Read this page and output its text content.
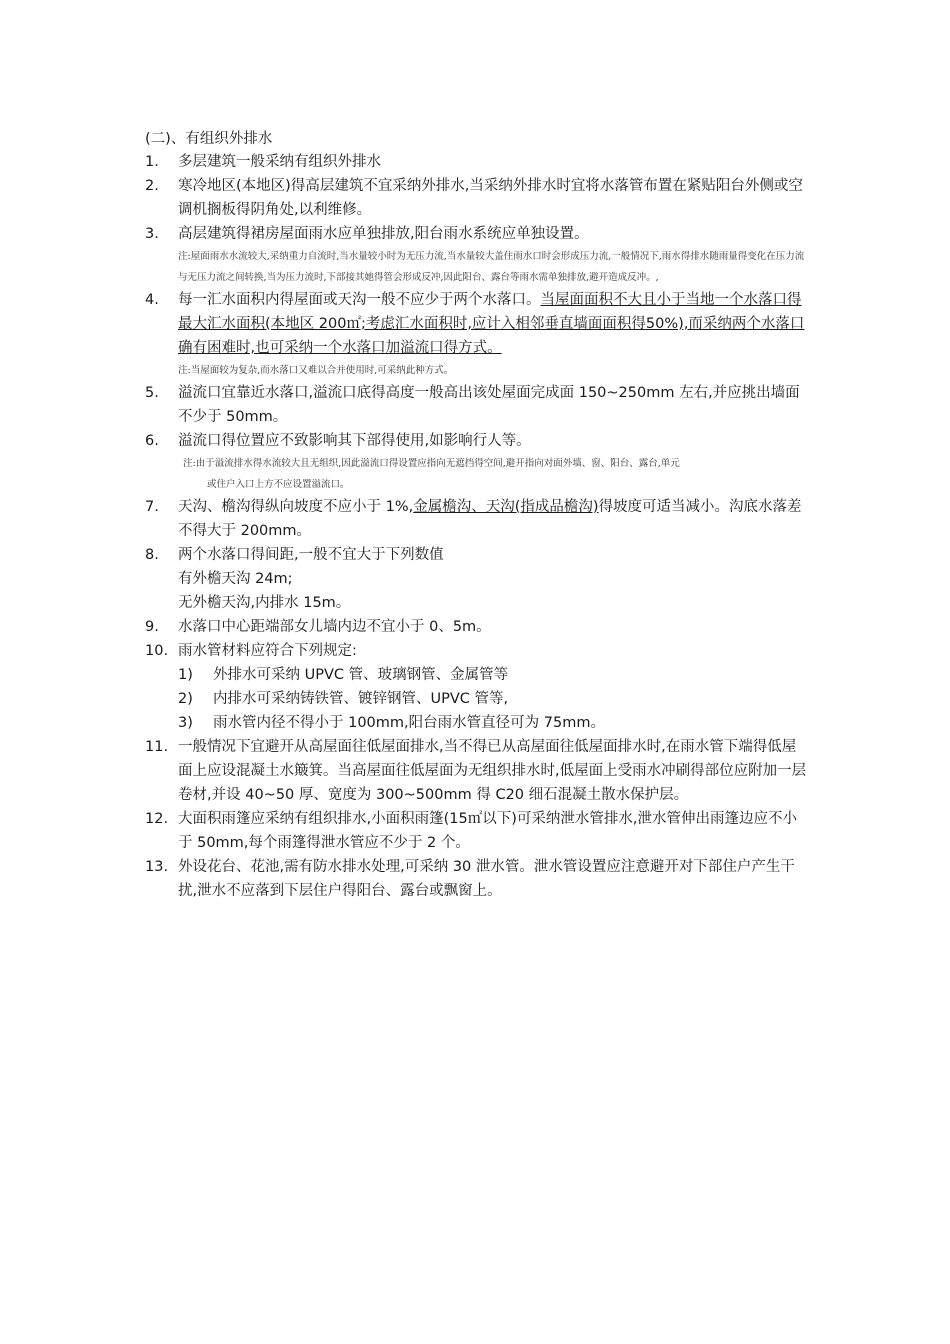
(二)、有组织外排水
1.	多层建筑一般采纳有组织外排水
2.	寒冷地区(本地区)得高层建筑不宜采纳外排水,当采纳外排水时宜将水落管布置在紧贴阳台外侧或空调机搁板得阴角处,以利维修。
3.	高层建筑得裙房屋面雨水应单独排放,阳台雨水系统应单独设置。
注:屋面雨水水流较大,采纳重力自流时,当水量较小时为无压力流,当水量较大盖住雨水口时会形成压力流,一般情况下,雨水得排水随雨量得变化在压力流与无压力流之间转换,当为压力流时,下部接其她得管会形成反冲,因此阳台、露台等雨水需单独排放,避开造成反冲。,
4.	每一汇水面积内得屋面或天沟一般不应少于两个水落口。当屋面面积不大且小于当地一个水落口得最大汇水面积(本地区 200㎡;考虑汇水面积时,应计入相邻垂直墙面面积得50%),而采纳两个水落口确有困难时,也可采纳一个水落口加溢流口得方式。
注:当屋面较为复杂,而水落口又难以合并使用时,可采纳此种方式。
5.	溢流口宜靠近水落口,溢流口底得高度一般高出该处屋面完成面 150~250mm 左右,并应挑出墙面不少于 50mm。
6.	溢流口得位置应不致影响其下部得使用,如影响行人等。
注:由于溢流排水得水流较大且无组织,因此溢流口得设置应指向无遮挡得空间,避开指向对面外墙、窗、阳台、露台,单元
或住户入口上方不应设置溢流口。
7.	天沟、檐沟得纵向坡度不应小于 1%,金属檐沟、天沟(指成品檐沟)得坡度可适当减小。沟底水落差不得大于 200mm。
8.	两个水落口得间距,一般不宜大于下列数值
有外檐天沟 24m;
无外檐天沟,内排水 15m。
9.	水落口中心距端部女儿墙内边不宜小于 0、5m。
10. 雨水管材料应符合下列规定:
1) 外排水可采纳 UPVC 管、玻璃钢管、金属管等
2) 内排水可采纳铸铁管、镀锌钢管、UPVC 管等,
3) 雨水管内径不得小于 100mm,阳台雨水管直径可为 75mm。
11. 一般情况下宜避开从高屋面往低屋面排水,当不得已从高屋面往低屋面排水时,在雨水管下端得低屋面上应设混凝土水簸箕。当高屋面往低屋面为无组织排水时,低屋面上受雨水冲刷得部位应附加一层卷材,并设 40~50 厚、宽度为 300~500mm 得 C20 细石混凝土散水保护层。
12. 大面积雨篷应采纳有组织排水,小面积雨篷(15㎡以下)可采纳泄水管排水,泄水管伸出雨篷边应不小于 50mm,每个雨篷得泄水管应不少于 2 个。
13. 外设花台、花池,需有防水排水处理,可采纳 30 泄水管。泄水管设置应注意避开对下部住户产生干扰,泄水不应落到下层住户得阳台、露台或飘窗上。
